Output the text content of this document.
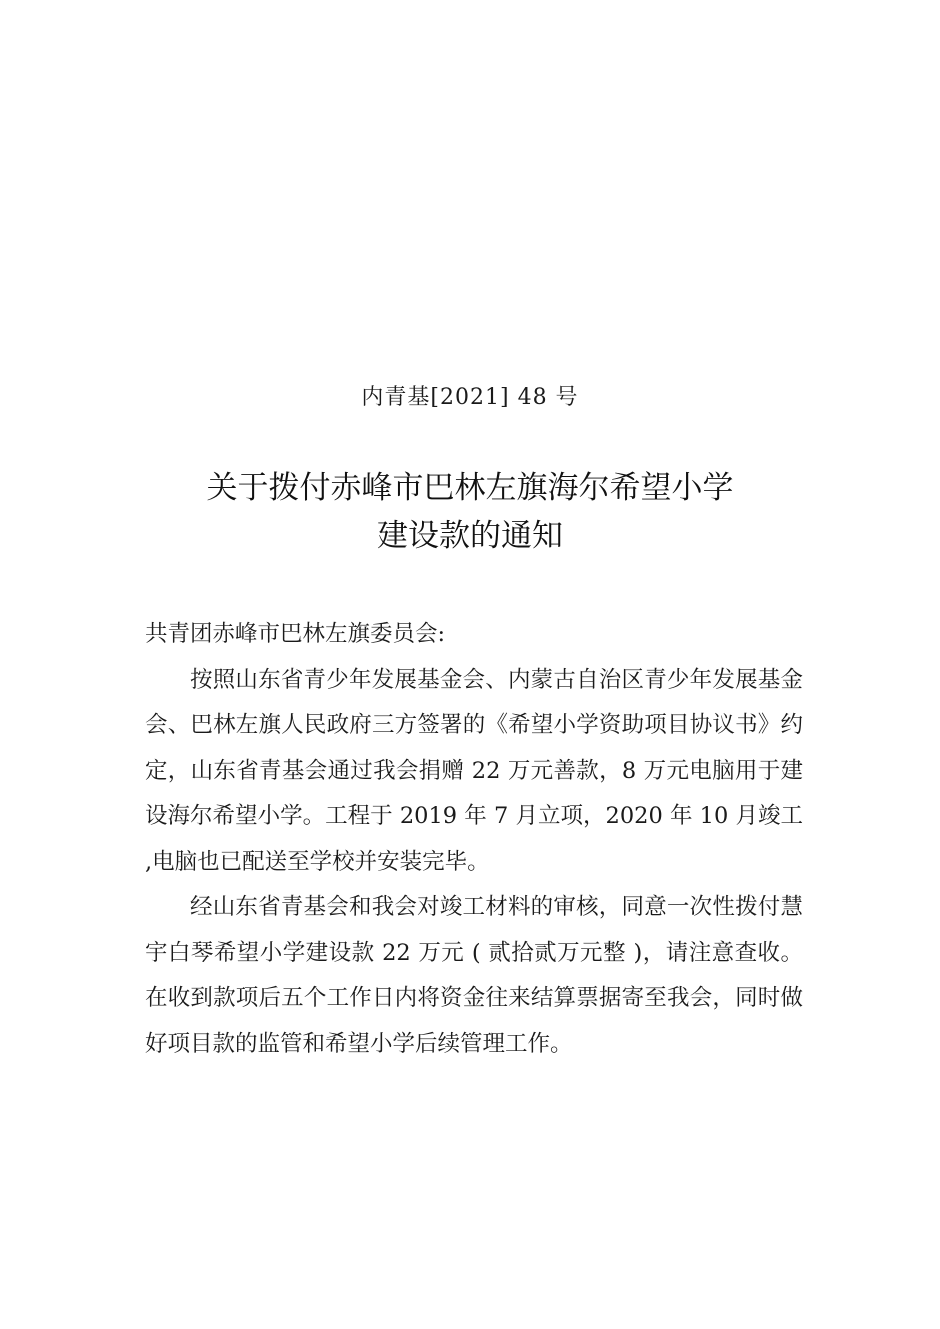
内青基[2021] 48 号
关于拨付赤峰市巴林左旗海尔希望小学
建设款的通知

共青团赤峰市巴林左旗委员会:

按照山东省青少年发展基金会、内蒙古自治区青少年发展基金会、巴林左旗人民政府三方签署的《希望小学资助项目协议书》约定，山东省青基会通过我会捐赠 22 万元善款，8 万元电脑用于建设海尔希望小学。工程于 2019 年 7 月立项，2020 年 10 月竣工,电脑也已配送至学校并安装完毕。

经山东省青基会和我会对竣工材料的审核，同意一次性拨付慧宇白琴希望小学建设款 22 万元 ( 贰拾贰万元整 )，请注意查收。在收到款项后五个工作日内将资金往来结算票据寄至我会，同时做好项目款的监管和希望小学后续管理工作。
